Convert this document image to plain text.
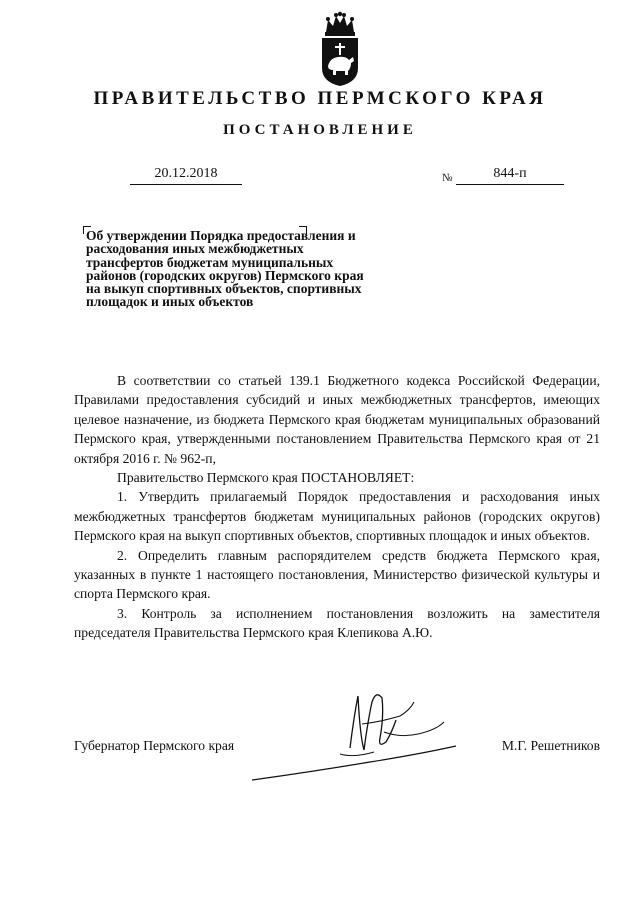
ПРАВИТЕЛЬСТВО ПЕРМСКОГО КРАЯ
ПОСТАНОВЛЕНИЕ
20.12.2018	№	844-п
Об утверждении Порядка предоставления и расходования иных межбюджетных трансфертов бюджетам муниципальных районов (городских округов) Пермского края на выкуп спортивных объектов, спортивных площадок и иных объектов

В соответствии со статьей 139.1 Бюджетного кодекса Российской Федерации, Правилами предоставления субсидий и иных межбюджетных трансфертов, имеющих целевое назначение, из бюджета Пермского края бюджетам муниципальных образований Пермского края, утвержденными постановлением Правительства Пермского края от 21 октября 2016 г. № 962-п,

Правительство Пермского края ПОСТАНОВЛЯЕТ:

1. Утвердить прилагаемый Порядок предоставления и расходования иных межбюджетных трансфертов бюджетам муниципальных районов (городских округов) Пермского края на выкуп спортивных объектов, спортивных площадок и иных объектов.

2. Определить главным распорядителем средств бюджета Пермского края, указанных в пункте 1 настоящего постановления, Министерство физической культуры и спорта Пермского края.

3. Контроль за исполнением постановления возложить на заместителя председателя Правительства Пермского края Клепикова А.Ю.

Губернатор Пермского края	М.Г. Решетников
